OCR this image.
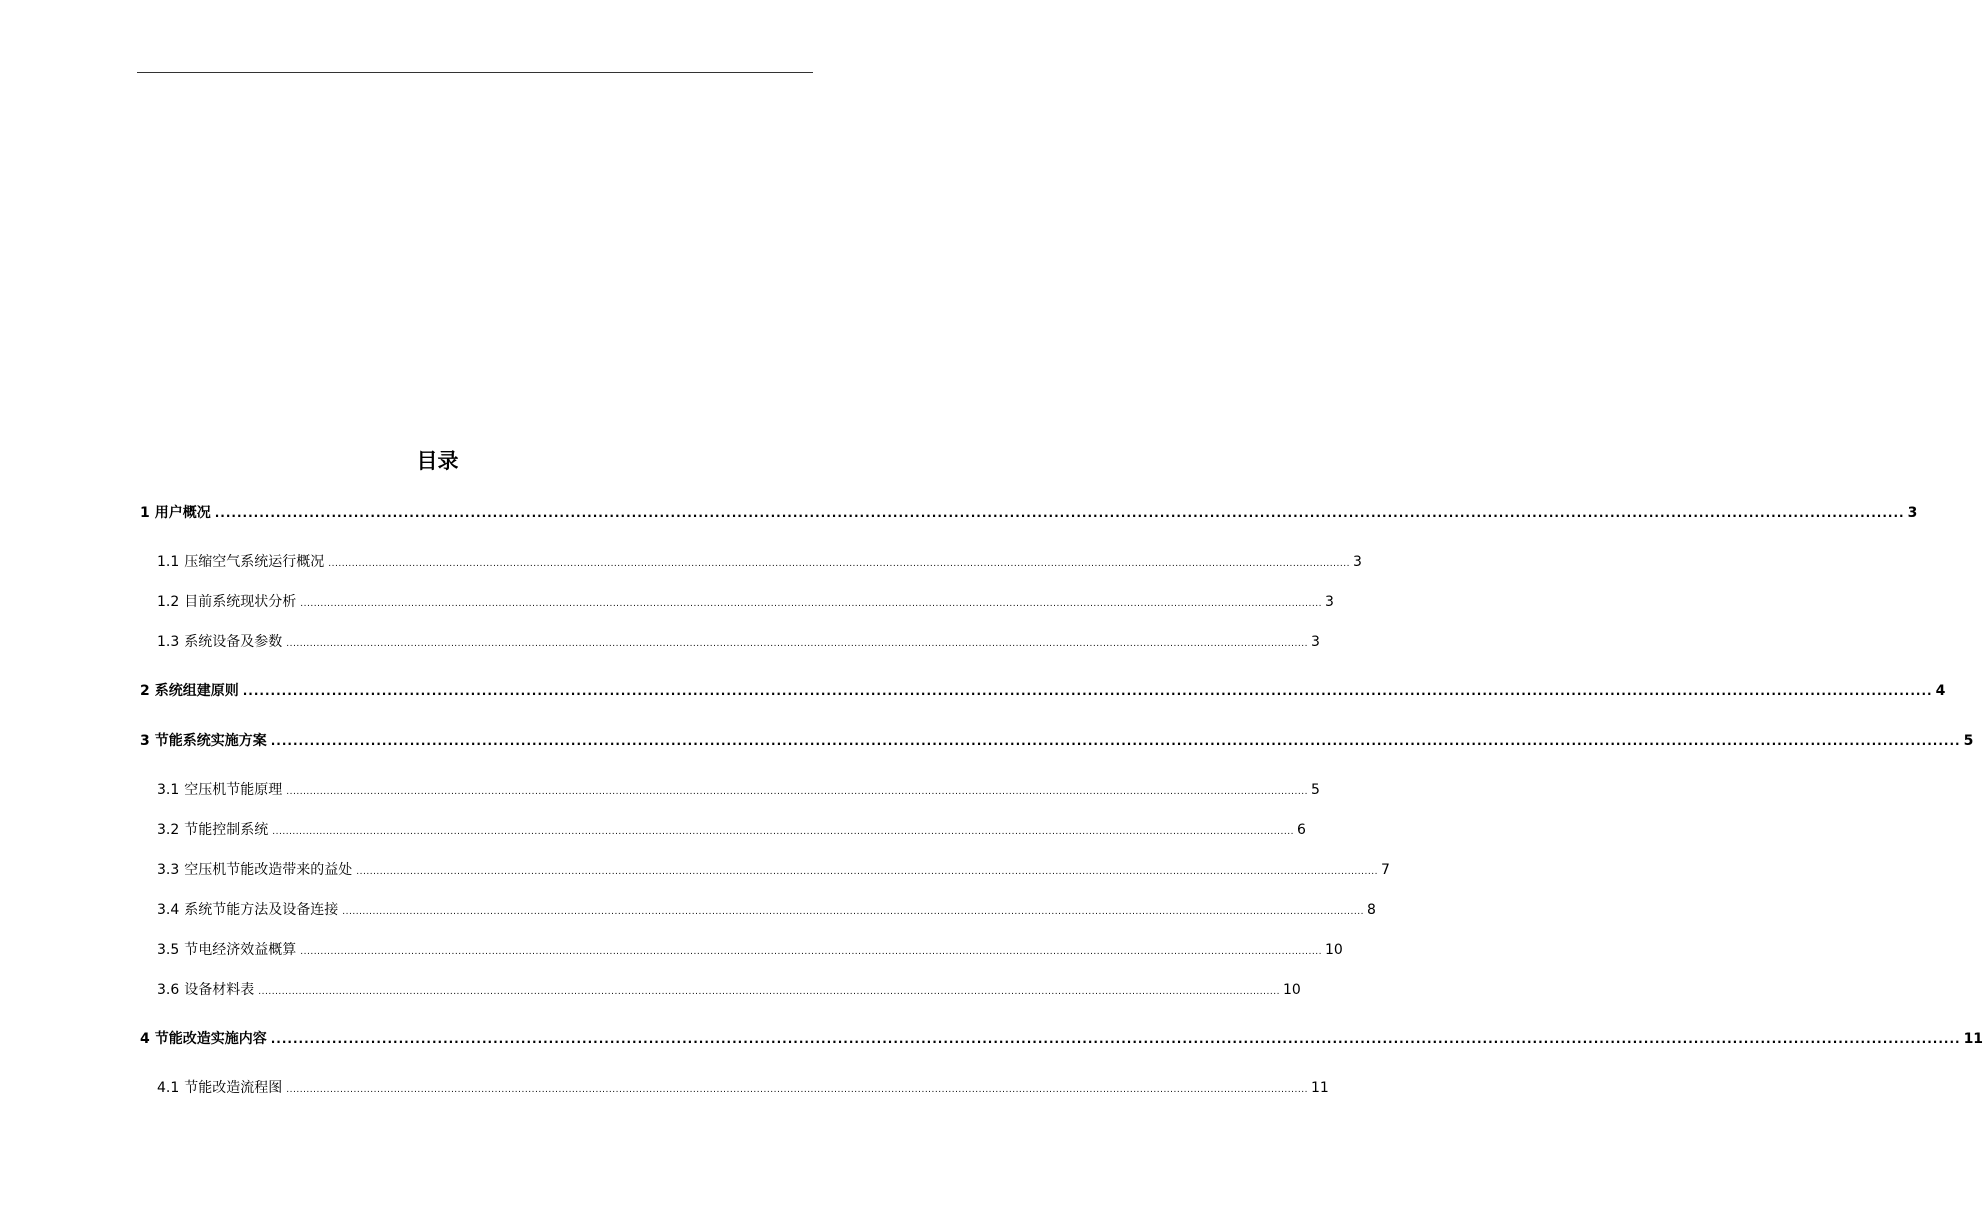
目录
1 用户概况 ................................................................................................................................................................................................................................................................................................................ 3
1.1 压缩空气系统运行概况 ................................................................................................................................................................................................................................................................................................................ 3
1.2 目前系统现状分析 ................................................................................................................................................................................................................................................................................................................ 3
1.3 系统设备及参数 ................................................................................................................................................................................................................................................................................................................ 3
2 系统组建原则 ................................................................................................................................................................................................................................................................................................................ 4
3 节能系统实施方案 ................................................................................................................................................................................................................................................................................................................ 5
3.1 空压机节能原理 ................................................................................................................................................................................................................................................................................................................ 5
3.2 节能控制系统 ................................................................................................................................................................................................................................................................................................................ 6
3.3 空压机节能改造带来的益处 ................................................................................................................................................................................................................................................................................................................ 7
3.4 系统节能方法及设备连接 ................................................................................................................................................................................................................................................................................................................ 8
3.5 节电经济效益概算 ................................................................................................................................................................................................................................................................................................................ 10
3.6 设备材料表 ................................................................................................................................................................................................................................................................................................................ 10
4 节能改造实施内容 ................................................................................................................................................................................................................................................................................................................ 11
4.1 节能改造流程图 ................................................................................................................................................................................................................................................................................................................ 11
